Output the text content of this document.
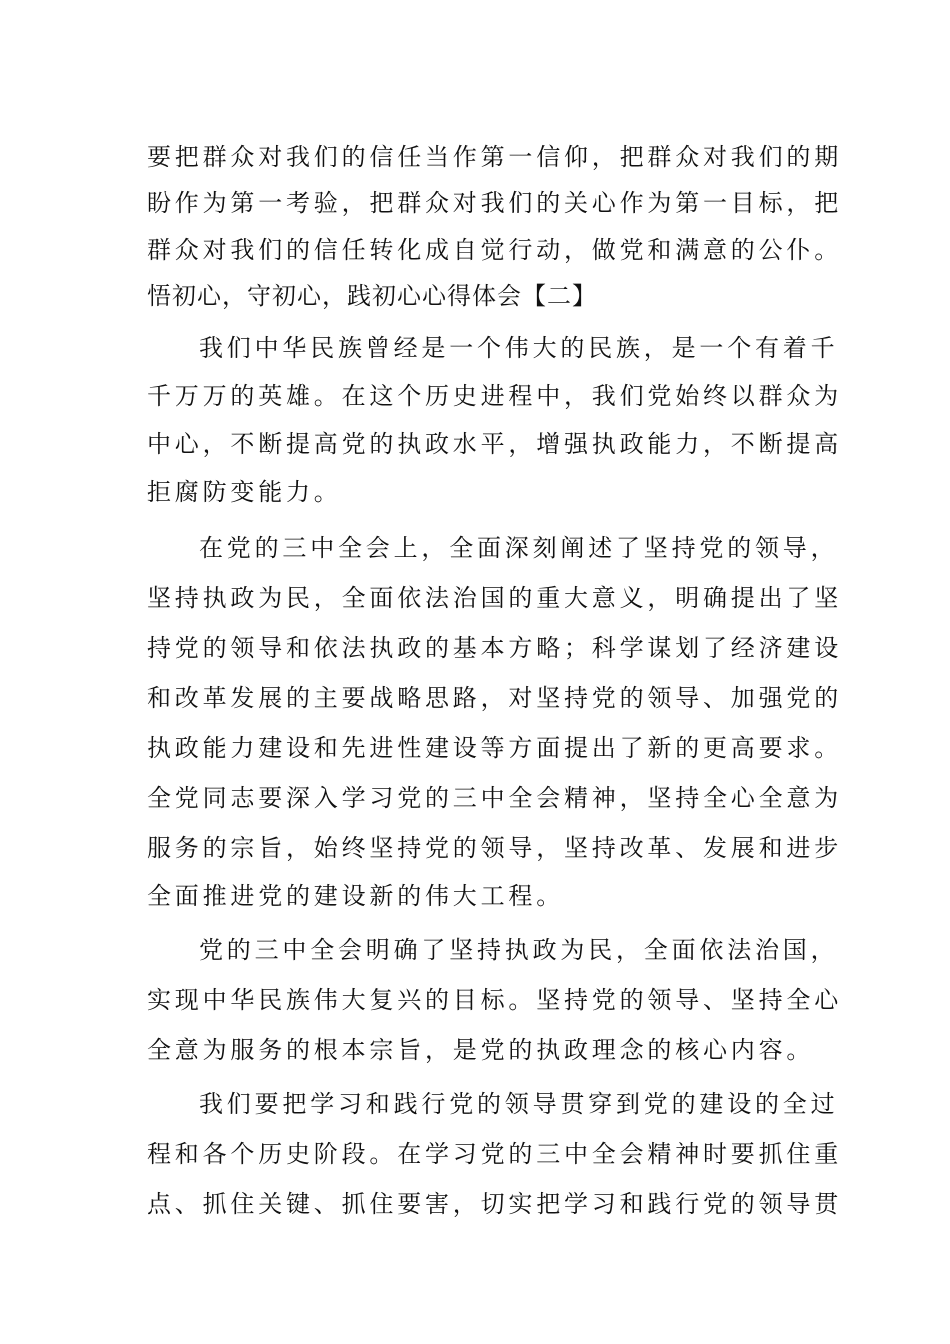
要把群众对我们的信任当作第一信仰，把群众对我们的期
盼作为第一考验，把群众对我们的关心作为第一目标，把
群众对我们的信任转化成自觉行动，做党和满意的公仆。
悟初心，守初心，践初心心得体会【二】
我们中华民族曾经是一个伟大的民族，是一个有着千
千万万的英雄。在这个历史进程中，我们党始终以群众为
中心，不断提高党的执政水平，增强执政能力，不断提高
拒腐防变能力。
在党的三中全会上，全面深刻阐述了坚持党的领导，
坚持执政为民，全面依法治国的重大意义，明确提出了坚
持党的领导和依法执政的基本方略；科学谋划了经济建设
和改革发展的主要战略思路，对坚持党的领导、加强党的
执政能力建设和先进性建设等方面提出了新的更高要求。
全党同志要深入学习党的三中全会精神，坚持全心全意为
服务的宗旨，始终坚持党的领导，坚持改革、发展和进步
全面推进党的建设新的伟大工程。
党的三中全会明确了坚持执政为民，全面依法治国，
实现中华民族伟大复兴的目标。坚持党的领导、坚持全心
全意为服务的根本宗旨，是党的执政理念的核心内容。
我们要把学习和践行党的领导贯穿到党的建设的全过
程和各个历史阶段。在学习党的三中全会精神时要抓住重
点、抓住关键、抓住要害，切实把学习和践行党的领导贯
